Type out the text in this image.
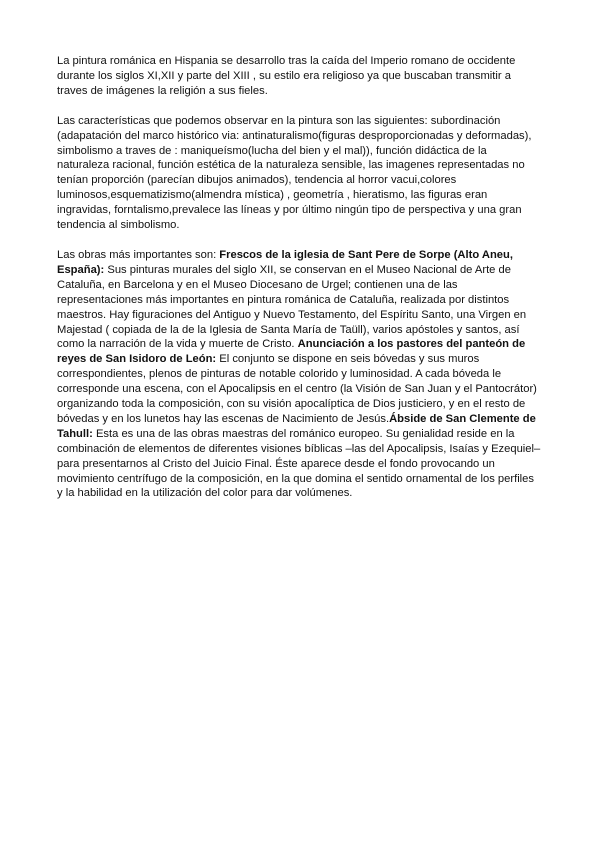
La pintura románica en Hispania se desarrollo tras la caída del Imperio romano de occidente durante los siglos XI,XII y parte del XIII , su estilo era religioso ya que buscaban transmitir a traves de imágenes la religión a sus fieles.

Las características que podemos observar en la pintura son las siguientes: subordinación (adapatación del marco histórico via: antinaturalismo(figuras desproporcionadas y deformadas), simbolismo a traves de : maniqueísmo(lucha del bien y el mal)), función didáctica de la naturaleza racional, función estética de la naturaleza sensible, las imagenes representadas no tenían proporción (parecían dibujos animados), tendencia al horror vacui,colores luminosos,esquematizismo(almendra mística) , geometría , hieratismo, las figuras eran ingravidas, forntalismo,prevalece las líneas y por último ningún tipo de perspectiva y una gran tendencia al simbolismo.

Las obras más importantes son: Frescos de la iglesia de Sant Pere de Sorpe (Alto Aneu, España): Sus pinturas murales del siglo XII, se conservan en el Museo Nacional de Arte de Cataluña, en Barcelona y en el Museo Diocesano de Urgel; contienen una de las representaciones más importantes en pintura románica de Cataluña, realizada por distintos maestros. Hay figuraciones del Antiguo y Nuevo Testamento, del Espíritu Santo, una Virgen en Majestad ( copiada de la de la Iglesia de Santa María de Taüll), varios apóstoles y santos, así como la narración de la vida y muerte de Cristo. Anunciación a los pastores del panteón de reyes de San Isidoro de León: El conjunto se dispone en seis bóvedas y sus muros correspondientes, plenos de pinturas de notable colorido y luminosidad. A cada bóveda le corresponde una escena, con el Apocalipsis en el centro (la Visión de San Juan y el Pantocrátor) organizando toda la composición, con su visión apocalíptica de Dios justiciero, y en el resto de bóvedas y en los lunetos hay las escenas de Nacimiento de Jesús.Ábside de San Clemente de Tahull: Esta es una de las obras maestras del románico europeo. Su genialidad reside en la combinación de elementos de diferentes visiones bíblicas –las del Apocalipsis, Isaías y Ezequiel– para presentarnos al Cristo del Juicio Final. Éste aparece desde el fondo provocando un movimiento centrífugo de la composición, en la que domina el sentido ornamental de los perfiles y la habilidad en la utilización del color para dar volúmenes.
